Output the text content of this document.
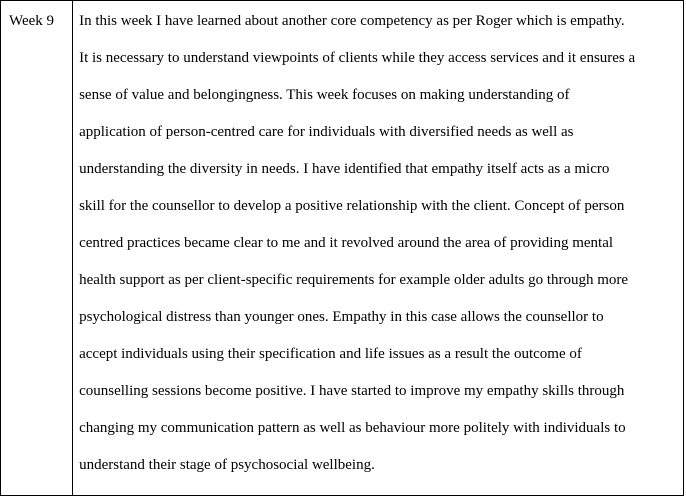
Week 9	In this week I have learned about another core competency as per Roger which is empathy.
It is necessary to understand viewpoints of clients while they access services and it ensures a
sense of value and belongingness. This week focuses on making understanding of
application of person-centred care for individuals with diversified needs as well as
understanding the diversity in needs. I have identified that empathy itself acts as a micro
skill for the counsellor to develop a positive relationship with the client. Concept of person
centred practices became clear to me and it revolved around the area of providing mental
health support as per client-specific requirements for example older adults go through more
psychological distress than younger ones. Empathy in this case allows the counsellor to
accept individuals using their specification and life issues as a result the outcome of
counselling sessions become positive. I have started to improve my empathy skills through
changing my communication pattern as well as behaviour more politely with individuals to
understand their stage of psychosocial wellbeing.
